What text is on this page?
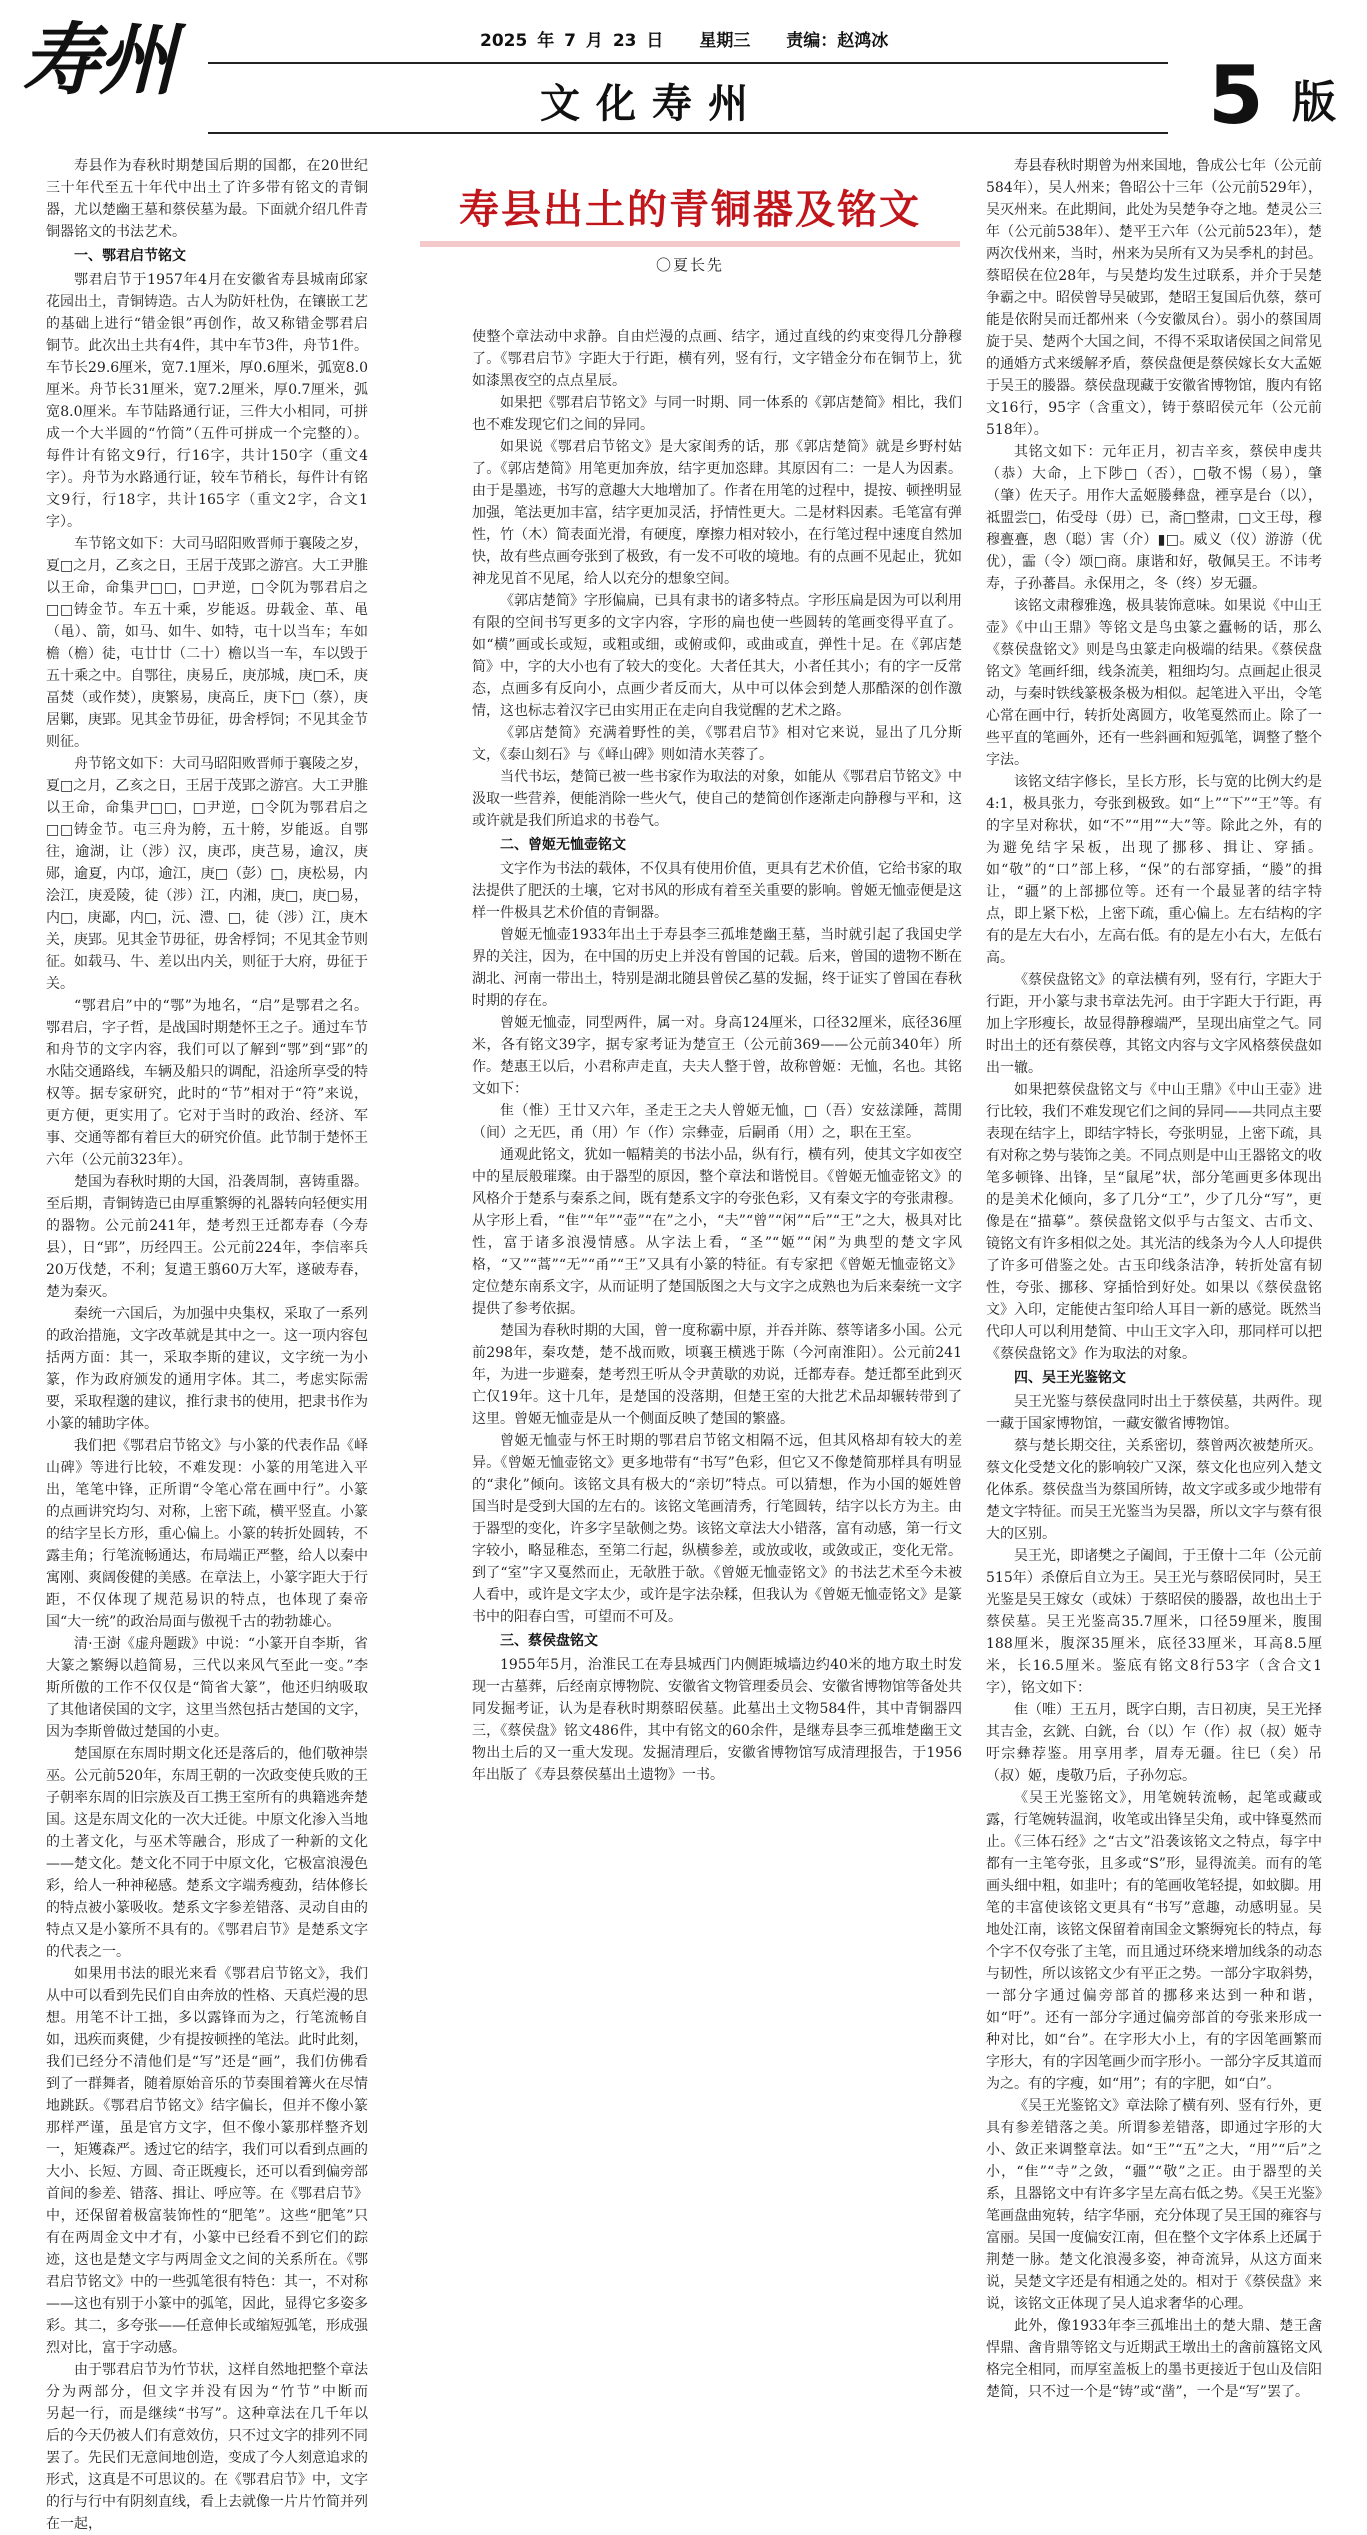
寿州	2025 年 7 月 23 日 星期三 责编：赵鸿冰
文化寿州	5 版
寿县出土的青铜器及铭文
〇夏长先

寿县作为春秋时期楚国后期的国都，在20世纪三十年代至五十年代中出土了许多带有铭文的青铜器，尤以楚幽王墓和蔡侯墓为最。下面就介绍几件青铜器铭文的书法艺术。

一、鄂君启节铭文

鄂君启节于1957年4月在安徽省寿县城南邱家花园出土，青铜铸造。古人为防奸杜伪，在镶嵌工艺的基础上进行“错金银”再创作，故又称错金鄂君启铜节。此次出土共有4件，其中车节3件，舟节1件。车节长29.6厘米，宽7.1厘米，厚0.6厘米，弧宽8.0厘米。舟节长31厘米，宽7.2厘米，厚0.7厘米，弧宽8.0厘米。车节陆路通行证，三件大小相同，可拼成一个大半圆的“竹筒”（五件可拼成一个完整的）。每件计有铭文9行，行16字，共计150字（重文4字）。舟节为水路通行证，较车节稍长，每件计有铭文9行，行18字，共计165字（重文2字，合文1字）。

车节铭文如下：大司马昭阳败晋师于襄陵之岁，夏□之月，乙亥之日，王居于茂郢之游宫。大工尹脽以王命，命集尹□□，□尹逆，□令阢为鄂君启之□□铸金节。车五十乘，岁能返。毋载金、革、黾（黾）、箭，如马、如牛、如特，屯十以当车；车如檐（檐）徒，屯廿廿（二十）檐以当一车，车以毁于五十乘之中。自鄂往，庚易丘，庚邡城，庚□禾，庚畐焚（或作焚），庚繁易，庚高丘，庚下□（蔡），庚居鄛，庚郢。见其金节毋征，毋舍桴饲；不见其金节则征。

舟节铭文如下：大司马昭阳败晋师于襄陵之岁，夏□之月，乙亥之日，王居于茂郢之游宫。大工尹脽以王命，命集尹□□，□尹逆，□令阢为鄂君启之□□铸金节。屯三舟为舿，五十舿，岁能返。自鄂往，逾湖，让（涉）汉，庚邔，庚芑易，逾汉，庚郧，逾夏，内邙，逾江，庚□（彭）□，庚松易，内浍江，庚爰陵，徒（涉）江，内湘，庚□，庚□易，内□，庚鄙，内□，沅、澧、□，徒（涉）江，庚木关，庚郢。见其金节毋征，毋舍桴饲；不见其金节则征。如载马、牛、差以出内关，则征于大府，毋征于关。

“鄂君启”中的“鄂”为地名，“启”是鄂君之名。鄂君启，字子哲，是战国时期楚怀王之子。通过车节和舟节的文字内容，我们可以了解到“鄂”到“郢”的水陆交通路线，车辆及船只的调配，沿途所享受的特权等。据专家研究，此时的“节”相对于“符”来说，更方便，更实用了。它对于当时的政治、经济、军事、交通等都有着巨大的研究价值。此节制于楚怀王六年（公元前323年）。

楚国为春秋时期的大国，沿袭周制，喜铸重器。至后期，青铜铸造已由厚重繁缛的礼器转向轻便实用的器物。公元前241年，楚考烈王迁都寿春（今寿县），日“郢”，历经四王。公元前224年，李信率兵20万伐楚，不利；复遣王翦60万大军，遂破寿春，楚为秦灭。

秦统一六国后，为加强中央集权，采取了一系列的政治措施，文字改革就是其中之一。这一项内容包括两方面：其一，采取李斯的建议，文字统一为小篆，作为政府颁发的通用字体。其二，考虑实际需要，采取程邈的建议，推行隶书的使用，把隶书作为小篆的辅助字体。

我们把《鄂君启节铭文》与小篆的代表作品《峄山碑》等进行比较，不难发现：小篆的用笔进入平出，笔笔中锋，正所谓“令笔心常在画中行”。小篆的点画讲究均匀、对称，上密下疏，横平竖直。小篆的结字呈长方形，重心偏上。小篆的转折处圆转，不露圭角；行笔流畅通达，布局端正严整，给人以秦中寓刚、爽阔俊健的美感。在章法上，小篆字距大于行距，不仅体现了规范易识的特点，也体现了秦帝国“大一统”的政治局面与傲视千古的勃勃雄心。

清·王澍《虚舟题跋》中说：“小篆开自李斯，省大篆之繁缛以趋简易，三代以来风气至此一变。”李斯所傲的工作不仅仅是“简省大篆”，他还归纳吸取了其他诸侯国的文字，这里当然包括古楚国的文字，因为李斯曾做过楚国的小吏。

楚国原在东周时期文化还是落后的，他们敬神崇巫。公元前520年，东周王朝的一次政变使兵败的王子朝率东周的旧宗族及百工携王室所有的典籍逃奔楚国。这是东周文化的一次大迁徙。中原文化渗入当地的土著文化，与巫术等融合，形成了一种新的文化——楚文化。楚文化不同于中原文化，它极富浪漫色彩，给人一种神秘感。楚系文字端秀瘦劲，结体修长的特点被小篆吸收。楚系文字参差错落、灵动自由的特点又是小篆所不具有的。《鄂君启节》是楚系文字的代表之一。

如果用书法的眼光来看《鄂君启节铭文》，我们从中可以看到先民们自由奔放的性格、天真烂漫的思想。用笔不计工拙，多以露锋而为之，行笔流畅自如，迅疾而爽健，少有提按顿挫的笔法。此时此刻，我们已经分不清他们是“写”还是“画”，我们仿佛看到了一群舞者，随着原始音乐的节奏围着篝火在尽情地跳跃。《鄂君启节铭文》结字偏长，但并不像小篆那样严谨，虽是官方文字，但不像小篆那样整齐划一，矩矱森严。透过它的结字，我们可以看到点画的大小、长短、方圆、奇正既瘦长，还可以看到偏旁部首间的参差、错落、揖让、呼应等。在《鄂君启节》中，还保留着极富装饰性的“肥笔”。这些“肥笔”只有在两周金文中才有，小篆中已经看不到它们的踪迹，这也是楚文字与两周金文之间的关系所在。《鄂君启节铭文》中的一些弧笔很有特色：其一，不对称——这也有别于小篆中的弧笔，因此，显得它多姿多彩。其二，多夸张——任意伸长或缩短弧笔，形成强烈对比，富于字动感。

由于鄂君启节为竹节状，这样自然地把整个章法分为两部分，但文字并没有因为“竹节”中断而　　另起一行，而是继续“书写”。这种章法在几千年以后的今天仍被人们有意效仿，只不过文字的排列不同罢了。先民们无意间地创造，变成了今人刻意追求的形式，这真是不可思议的。在《鄂君启节》中，文字的行与行中有阴刻直线，看上去就像一片片竹简并列在一起，

使整个章法动中求静。自由烂漫的点画、结字，通过直线的约束变得几分静穆了。《鄂君启节》字距大于行距，横有列，竖有行，文字错金分布在铜节上，犹如漆黑夜空的点点星辰。

如果把《鄂君启节铭文》与同一时期、同一体系的《郭店楚简》相比，我们也不难发现它们之间的异同。

如果说《鄂君启节铭文》是大家闺秀的话，那《郭店楚简》就是乡野村姑了。《郭店楚简》用笔更加奔放，结字更加恣肆。其原因有二：一是人为因素。由于是墨迹，书写的意趣大大地增加了。作者在用笔的过程中，提按、顿挫明显加强，笔法更加丰富，结字更加灵活，抒情性更大。二是材料因素。毛笔富有弹性，竹（木）简表面光滑，有硬度，摩擦力相对较小，在行笔过程中速度自然加快，故有些点画夸张到了极致，有一发不可收的境地。有的点画不见起止，犹如神龙见首不见尾，给人以充分的想象空间。

《郭店楚简》字形偏扁，已具有隶书的诸多特点。字形压扁是因为可以利用有限的空间书写更多的文字内容，字形的扁也使一些圆转的笔画变得平直了。如“横”画或长或短，或粗或细，或俯或仰，或曲或直，弹性十足。在《郭店楚简》中，字的大小也有了较大的变化。大者任其大，小者任其小；有的字一反常态，点画多有反向小，点画少者反而大，从中可以体会到楚人那酷深的创作激情，这也标志着汉字已由实用正在走向自我觉醒的艺术之路。

《郭店楚简》充满着野性的美，《鄂君启节》相对它来说，显出了几分斯文，《泰山刻石》与《峄山碑》则如清水芙蓉了。

当代书坛，楚简已被一些书家作为取法的对象，如能从《鄂君启节铭文》中汲取一些营养，便能消除一些火气，使自己的楚简创作逐渐走向静穆与平和，这或许就是我们所追求的书卷气。

二、曾姬无恤壶铭文

文字作为书法的载体，不仅具有使用价值，更具有艺术价值，它给书家的取法提供了肥沃的土壤，它对书风的形成有着至关重要的影响。曾姬无恤壶便是这样一件极具艺术价值的青铜器。

曾姬无恤壶1933年出土于寿县李三孤堆楚幽王墓，当时就引起了我国史学界的关注，因为，在中国的历史上并没有曾国的记载。后来，曾国的遗物不断在湖北、河南一带出土，特别是湖北随县曾侯乙墓的发掘，终于证实了曾国在春秋时期的存在。

曾姬无恤壶，同型两件，属一对。身高124厘米，口径32厘米，底径36厘米，各有铭文39字，据专家考证为楚宣王（公元前369——公元前340年）所作。楚惠王以后，小君称声走直，夫夫人整于曾，故称曾姬：无恤，名也。其铭文如下：

隹（惟）王廿又六年，圣走王之夫人曾姬无恤，□（吾）安兹漾陲，蒿閒（间）之无匹，甬（用）乍（作）宗彝壶，后嗣甬（用）之，职在王室。

通观此铭文，犹如一幅精美的书法小品，纵有行，横有列，使其文字如夜空中的星辰般璀璨。由于器型的原因，整个章法和谐悦目。《曾姬无恤壶铭文》的风格介于楚系与秦系之间，既有楚系文字的夸张色彩，又有秦文字的夸张肃穆。从字形上看，“隹”“年”“壶”“在”之小，“夫”“曾”“闲”“后”“王”之大，极具对比性，富于诸多浪漫情感。从字法上看，“圣”“姬”“闲”为典型的楚文字风格，“又”“蒿”“无”“甬”“王”又具有小篆的特征。有专家把《曾姬无恤壶铭文》定位楚东南系文字，从而证明了楚国版图之大与文字之成熟也为后来秦统一文字提供了参考依据。

楚国为春秋时期的大国，曾一度称霸中原，并吞并陈、蔡等诸多小国。公元前298年，秦攻楚，楚不战而败，顷襄王横逃于陈（今河南淮阳）。公元前241年，为进一步避秦，楚考烈王听从令尹黄歇的劝说，迁都寿春。楚迁都至此到灭亡仅19年。这十几年，是楚国的没落期，但楚王室的大批艺术品却辗转带到了这里。曾姬无恤壶是从一个侧面反映了楚国的繁盛。

曾姬无恤壶与怀王时期的鄂君启节铭文相隔不远，但其风格却有较大的差异。《曾姬无恤壶铭文》更多地带有“书写”色彩，但它又不像楚简那样具有明显的“隶化”倾向。该铭文具有极大的“亲切”特点。可以猜想，作为小国的姬姓曾国当时是受到大国的左右的。该铭文笔画清秀，行笔圆转，结字以长方为主。由于器型的变化，许多字呈欹侧之势。该铭文章法大小错落，富有动感，第一行文字较小，略显稚态，至第二行起，纵横参差，或放或收，或敛或正，变化无常。到了“室”字又戛然而止，无欹胜于欹。《曾姬无恤壶铭文》的书法艺术至今未被人看中，或许是文字太少，或许是字法杂糅，但我认为《曾姬无恤壶铭文》是篆书中的阳春白雪，可望而不可及。

三、蔡侯盘铭文

1955年5月，治淮民工在寿县城西门内侧距城墙边约40米的地方取土时发现一古墓葬，后经南京博物院、安徽省文物管理委员会、安徽省博物馆等备处共同发掘考证，认为是春秋时期蔡昭侯墓。此墓出土文物584件，其中青铜器四三，《蔡侯盘》铭文486件，其中有铭文的60余件，是继寿县李三孤堆楚幽王文物出土后的又一重大发现。发掘清理后，安徽省博物馆写成清理报告，于1956年出版了《寿县蔡侯墓出土遗物》一书。

寿县春秋时期曾为州来国地，鲁成公七年（公元前584年），吴人州来；鲁昭公十三年（公元前529年），吴灭州来。在此期间，此处为吴楚争夺之地。楚灵公三年（公元前538年）、楚平王六年（公元前523年），楚两次伐州来，当时，州来为吴所有又为吴季札的封邑。蔡昭侯在位28年，与吴楚均发生过联系，并介于吴楚争霸之中。昭侯曾导吴破郢，楚昭王复国后仇蔡，蔡可能是依附吴而迁都州来（今安徽凤台）。弱小的蔡国周旋于吴、楚两个大国之间，不得不采取诸侯国之间常见的通婚方式来缓解矛盾，蔡侯盘便是蔡侯嫁长女大孟姬于吴王的媵器。蔡侯盘现藏于安徽省博物馆，腹内有铭文16行，95字（含重文），铸于蔡昭侯元年（公元前518年）。

其铭文如下：元年正月，初吉辛亥，蔡侯申虔共（恭）大命，上下陟□（否），□敬不惕（易），肇（肇）佐天子。用作大孟姬媵彝盘，禋享是台（以），祗盟尝□，佑受母（毋）已，斋□整肃，□文王母，穆穆亹亹，悤（聪）害（介）▮□。威义（仪）游游（优优），霝（令）颂□商。康谐和好，敬佩吴王。不讳考寿，子孙蕃昌。永保用之，冬（终）岁无疆。

该铭文肃穆雅逸，极具装饰意味。如果说《中山王壶》《中山王鼎》等铭文是鸟虫篆之蠹畅的话，那么《蔡侯盘铭文》则是鸟虫篆走向极端的结果。《蔡侯盘铭文》笔画纤细，线条流美，粗细均匀。点画起止很灵动，与秦时铁线篆极条极为相似。起笔进入平出，令笔心常在画中行，转折处离圆方，收笔戛然而止。除了一些平直的笔画外，还有一些斜画和短弧笔，调整了整个字法。

该铭文结字修长，呈长方形，长与宽的比例大约是4:1，极具张力，夸张到极致。如“上”“下”“王”等。有的字呈对称状，如“不”“用”“大”等。除此之外，有的为避免结字呆板，出现了挪移、揖让、穿插。如“敬”的“口”部上移，“保”的右部穿插，“媵”的揖让，“疆”的上部挪位等。还有一个最显著的结字特点，即上紧下松，上密下疏，重心偏上。左右结构的字有的是左大右小，左高右低。有的是左小右大，左低右高。

《蔡侯盘铭文》的章法横有列，竖有行，字距大于行距，开小篆与隶书章法先河。由于字距大于行距，再加上字形瘦长，故显得静穆端严，呈现出庙堂之气。同时出土的还有蔡侯尊，其铭文内容与文字风格蔡侯盘如出一辙。

如果把蔡侯盘铭文与《中山王鼎》《中山王壶》进行比较，我们不难发现它们之间的异同——共同点主要表现在结字上，即结字特长，夸张明显，上密下疏，具有对称之势与装饰之美。不同点则是中山王器铭文的收笔多顿锋、出锋，呈“鼠尾”状，部分笔画更多体现出的是美术化倾向，多了几分“工”，少了几分“写”，更像是在“描摹”。蔡侯盘铭文似乎与古玺文、古币文、镜铭文有许多相似之处。其光洁的线条为今人人印提供了许多可借鉴之处。古玉印线条洁净，转折处富有韧性，夸张、挪移、穿插恰到好处。如果以《蔡侯盘铭文》入印，定能使古玺印给人耳目一新的感觉。既然当代印人可以利用楚简、中山王文字入印，那同样可以把《蔡侯盘铭文》作为取法的对象。

四、吴王光鉴铭文

吴王光鉴与蔡侯盘同时出土于蔡侯墓，共两件。现一藏于国家博物馆，一藏安徽省博物馆。

蔡与楚长期交往，关系密切，蔡曾两次被楚所灭。蔡文化受楚文化的影响较广又深，蔡文化也应列入楚文化体系。蔡侯盘当为蔡国所铸，故文字或多或少地带有楚文字特征。而吴王光鉴当为吴器，所以文字与蔡有很大的区别。

吴王光，即诸樊之子阖闾，于王僚十二年（公元前515年）杀僚后自立为王。吴王光与蔡昭侯同时，吴王光鉴是吴王嫁女（或妹）于蔡昭侯的媵器，故也出土于蔡侯墓。吴王光鉴高35.7厘米，口径59厘米，腹围188厘米，腹深35厘米，底径33厘米，耳高8.5厘米，长16.5厘米。鉴底有铭文8行53字（含合文1字），铭文如下：

隹（唯）王五月，既字白期，吉日初庚，吴王光择其吉金，玄銧、白銧，台（以）乍（作）叔（叔）姬寺吁宗彝荐鉴。用享用孝，眉寿无疆。往巳（矣）吊（叔）姬，虔敬乃后，子孙勿忘。

《吴王光鉴铭文》，用笔婉转流畅，起笔或藏或露，行笔婉转温润，收笔或出锋呈尖角，或中锋戛然而止。《三体石经》之“古文”沿袭该铭文之特点，每字中都有一主笔夸张，且多或“S”形，显得流美。而有的笔画头细中粗，如韭叶；有的笔画收笔轻提，如蚊脚。用笔的丰富使该铭文更具有“书写”意趣，动感明显。吴地处江南，该铭文保留着南国金文繁缛宛长的特点，每个字不仅夸张了主笔，而且通过环绕来增加线条的动态与韧性，所以该铭文少有平正之势。一部分字取斜势，一部分字通过偏旁部首的挪移来达到一种和谐，如“吁”。还有一部分字通过偏旁部首的夸张来形成一种对比，如“台”。在字形大小上，有的字因笔画繁而字形大，有的字因笔画少而字形小。一部分字反其道而为之。有的字瘦，如“用”；有的字肥，如“白”。

《吴王光鉴铭文》章法除了横有列、竖有行外，更具有参差错落之美。所谓参差错落，即通过字形的大小、敛正来调整章法。如“王”“五”之大，“用”“后”之小，“隹”“寺”之敛，“疆”“敬”之正。由于器型的关系，且器铭文中有许多字呈左高右低之势。《吴王光鉴》笔画盘曲宛转，结字华丽，充分体现了吴王国的雍容与富丽。吴国一度偏安江南，但在整个文字体系上还属于荆楚一脉。楚文化浪漫多姿，神奇流异，从这方面来说，吴楚文字还是有相通之处的。相对于《蔡侯盘》来说，该铭文正体现了吴人追求奢华的心理。

此外，像1933年李三孤堆出土的楚大鼎、楚王酓悍鼎、酓肯鼎等铭文与近期武王墩出土的酓前簋铭文风格完全相同，而厚室盖板上的墨书更接近于包山及信阳楚简，只不过一个是“铸”或“凿”，一个是“写”罢了。
